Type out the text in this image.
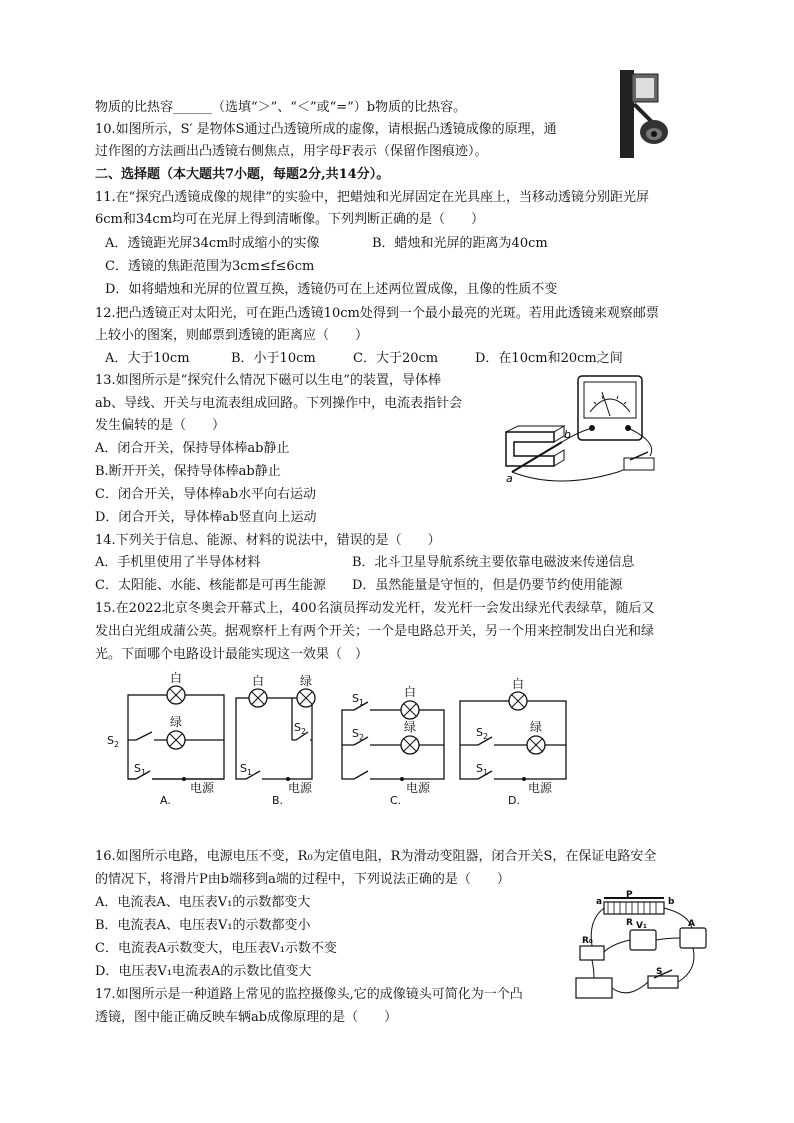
物质的比热容______（选填“＞”、“＜”或“=”）b物质的比热容。
10.如图所示，S′ 是物体S通过凸透镜所成的虚像，请根据凸透镜成像的原理，通
过作图的方法画出凸透镜右侧焦点，用字母F表示（保留作图痕迹）。
二、选择题（本大题共7小题，每题2分,共14分）。
11.在“探究凸透镜成像的规律”的实验中，把蜡烛和光屏固定在光具座上，当移动透镜分别距光屏
6cm和34cm均可在光屏上得到清晰像。下列判断正确的是（　　）
A．透镜距光屏34cm时成缩小的实像	B．蜡烛和光屏的距离为40cm
C．透镜的焦距范围为3cm≤f≤6cm
D．如将蜡烛和光屏的位置互换，透镜仍可在上述两位置成像，且像的性质不变
12.把凸透镜正对太阳光，可在距凸透镜10cm处得到一个最小最亮的光斑。若用此透镜来观察邮票
上较小的图案，则邮票到透镜的距离应（　　）
A．大于10cm	B．小于10cm	C．大于20cm	D．在10cm和20cm之间
13.如图所示是“探究什么情况下磁可以生电”的装置，导体棒
ab、导线、开关与电流表组成回路。下列操作中，电流表指针会
发生偏转的是（　　）
A．闭合开关，保持导体棒ab静止
B.断开开关，保持导体棒ab静止
C．闭合开关，导体棒ab水平向右运动
D．闭合开关，导体棒ab竖直向上运动
a
b
14.下列关于信息、能源、材料的说法中，错误的是（　　）
A．手机里使用了半导体材料	B．北斗卫星导航系统主要依靠电磁波来传递信息
C．太阳能、水能、核能都是可再生能源 D．虽然能量是守恒的，但是仍要节约使用能源
15.在2022北京冬奥会开幕式上，400名演员挥动发光杆，发光杆一会发出绿光代表绿草，随后又
发出白光组成蒲公英。据观察杆上有两个开关；一个是电路总开关，另一个用来控制发出白光和绿
光。下面哪个电路设计最能实现这一效果（　）
白
绿
电源
白	绿
电源
白
绿
电源
白
绿
电源
$S_2$
$S_1$	$S_1$
$S_2$
$S_1$
$S_2$	$S_2$
$S_1$
A.	B.	C.	D.
16.如图所示电路，电源电压不变，R₀为定值电阻，R为滑动变阻器，闭合开关S，在保证电路安全
的情况下，将滑片P由b端移到a端的过程中，下列说法正确的是（　　）
A．电流表A、电压表V₁的示数都变大
B．电流表A、电压表V₁的示数都变小
C．电流表A示数变大，电压表V₁示数不变
D．电压表V₁电流表A的示数比值变大
P
a	b
R
R₀
V₁	A
S
17.如图所示是一种道路上常见的监控摄像头,它的成像镜头可简化为一个凸
透镜，图中能正确反映车辆ab成像原理的是（　　）
